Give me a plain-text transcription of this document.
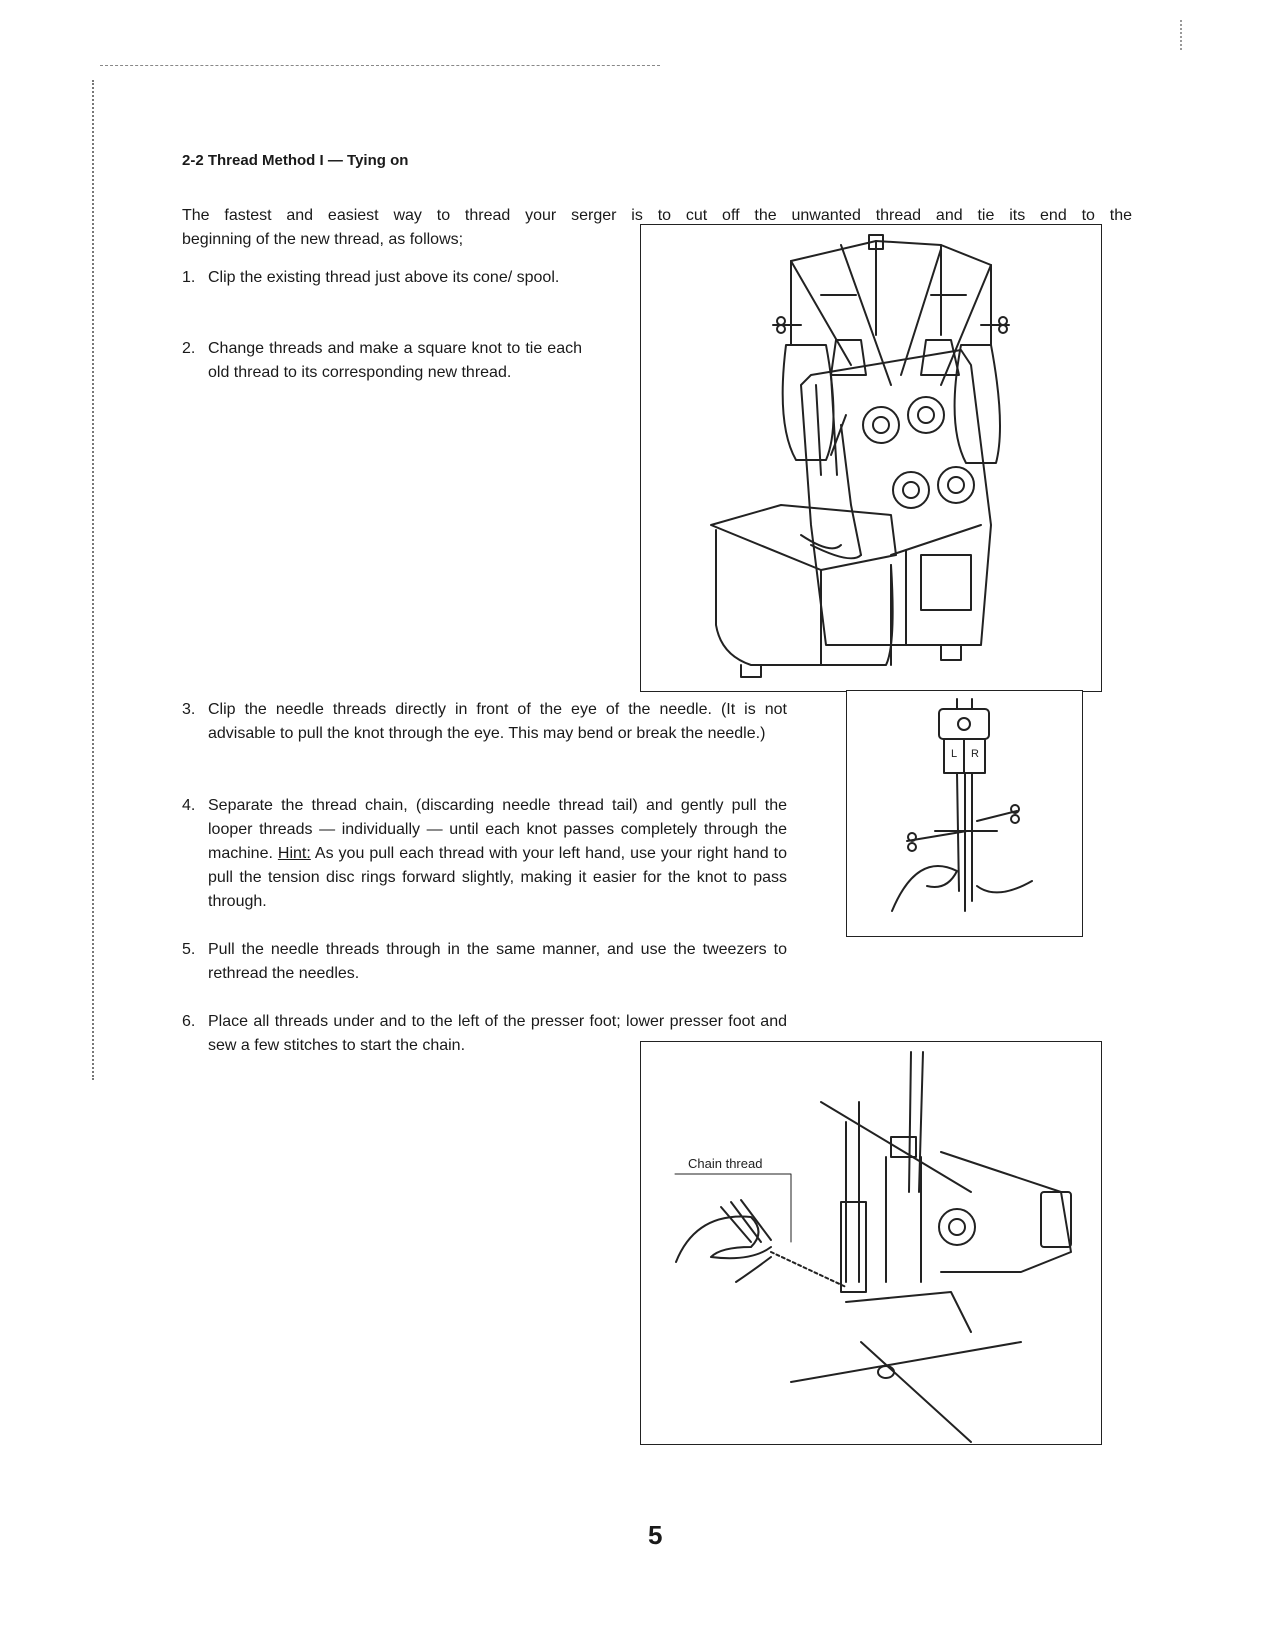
2-2 Thread Method I — Tying on
The fastest and easiest way to thread your serger is to cut off the unwanted thread and tie its end to the
beginning of the new thread, as follows;
1. Clip the existing thread just above its cone/ spool.
2. Change threads and make a square knot to tie each old thread to its corresponding new thread.
3. Clip the needle threads directly in front of the eye of the needle. (It is not advisable to pull the knot through the eye. This may bend or break the needle.)
4. Separate the thread chain, (discarding needle thread tail) and gently pull the looper threads — individually — until each knot passes completely through the machine. Hint: As you pull each thread with your left hand, use your right hand to pull the tension disc rings forward slightly, making it easier for the knot to pass through.
5. Pull the needle threads through in the same manner, and use the tweezers to rethread the needles.
6. Place all threads under and to the left of the presser foot; lower presser foot and sew a few stitches to start the chain.
L R
Chain thread
5
